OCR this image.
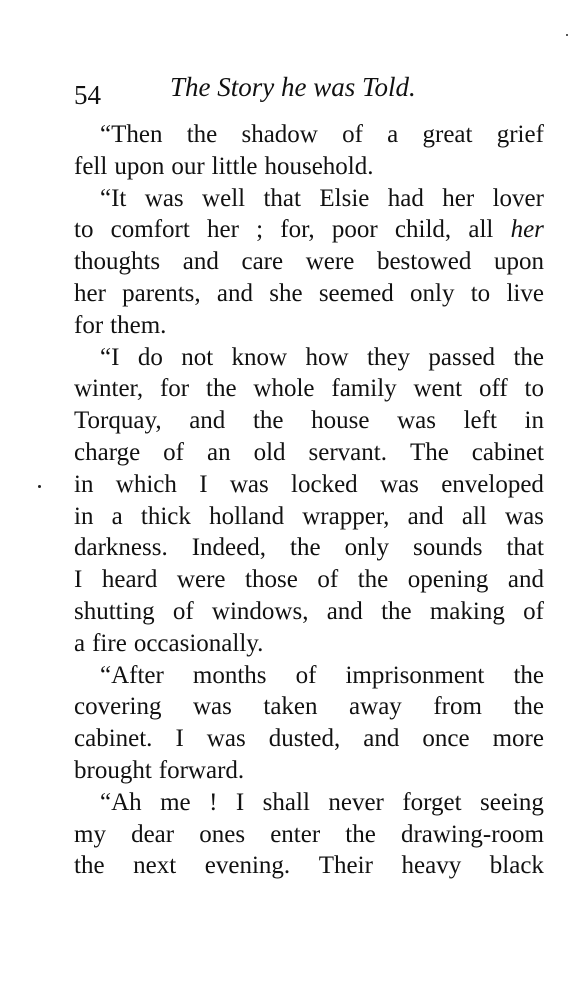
54	The Story he was Told.
“Then the shadow of a great grief
fell upon our little household.
“It was well that Elsie had her lover
to comfort her ; for, poor child, all her
thoughts and care were bestowed upon
her parents, and she seemed only to live
for them.
“I do not know how they passed the
winter, for the whole family went off to
Torquay, and the house was left in
charge of an old servant. The cabinet
in which I was locked was enveloped
in a thick holland wrapper, and all was
darkness. Indeed, the only sounds that
I heard were those of the opening and
shutting of windows, and the making of
a fire occasionally.
“After months of imprisonment the
covering was taken away from the
cabinet. I was dusted, and once more
brought forward.
“Ah me ! I shall never forget seeing
my dear ones enter the drawing-room
the next evening. Their heavy black
